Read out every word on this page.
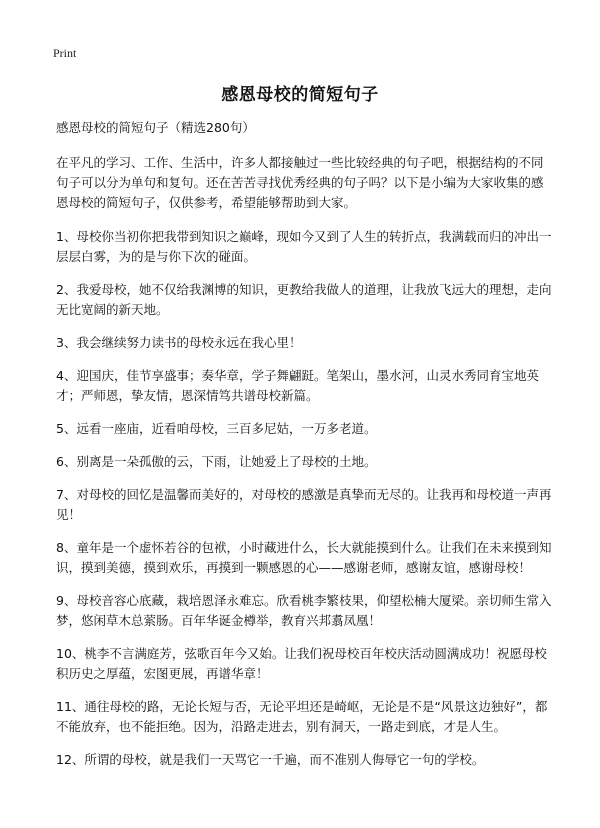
Print
感恩母校的简短句子

感恩母校的简短句子（精选280句）

在平凡的学习、工作、生活中，许多人都接触过一些比较经典的句子吧，根据结构的不同句子可以分为单句和复句。还在苦苦寻找优秀经典的句子吗？以下是小编为大家收集的感恩母校的简短句子，仅供参考，希望能够帮助到大家。

1、母校你当初你把我带到知识之巅峰，现如今又到了人生的转折点，我满载而归的冲出一层层白雾，为的是与你下次的碰面。

2、我爱母校，她不仅给我渊博的知识，更教给我做人的道理，让我放飞远大的理想，走向无比宽阔的新天地。

3、我会继续努力读书的母校永远在我心里！

4、迎国庆，佳节享盛事；奏华章，学子舞翩跹。笔架山，墨水河，山灵水秀同育宝地英才；严师恩，挚友情，恩深情笃共谱母校新篇。

5、远看一座庙，近看咱母校，三百多尼姑，一万多老道。

6、别离是一朵孤傲的云，下雨，让她爱上了母校的土地。

7、对母校的回忆是温馨而美好的，对母校的感激是真挚而无尽的。让我再和母校道一声再见！

8、童年是一个虚怀若谷的包袱，小时藏进什么，长大就能摸到什么。让我们在未来摸到知识，摸到美德，摸到欢乐，再摸到一颗感恩的心——感谢老师，感谢友谊，感谢母校！

9、母校音容心底藏，栽培恩泽永难忘。欣看桃李繁枝果，仰望松楠大厦梁。亲切师生常入梦，悠闲草木总萦肠。百年华诞金樽举，教育兴邦翥凤凰！

10、桃李不言满庭芳，弦歌百年今又始。让我们祝母校百年校庆活动圆满成功！祝愿母校积历史之厚蕴，宏图更展，再谱华章！

11、通往母校的路，无论长短与否，无论平坦还是崎岖，无论是不是“风景这边独好”，都不能放弃，也不能拒绝。因为，沿路走进去，别有洞天，一路走到底，才是人生。

12、所谓的母校，就是我们一天骂它一千遍，而不准别人侮辱它一句的学校。
